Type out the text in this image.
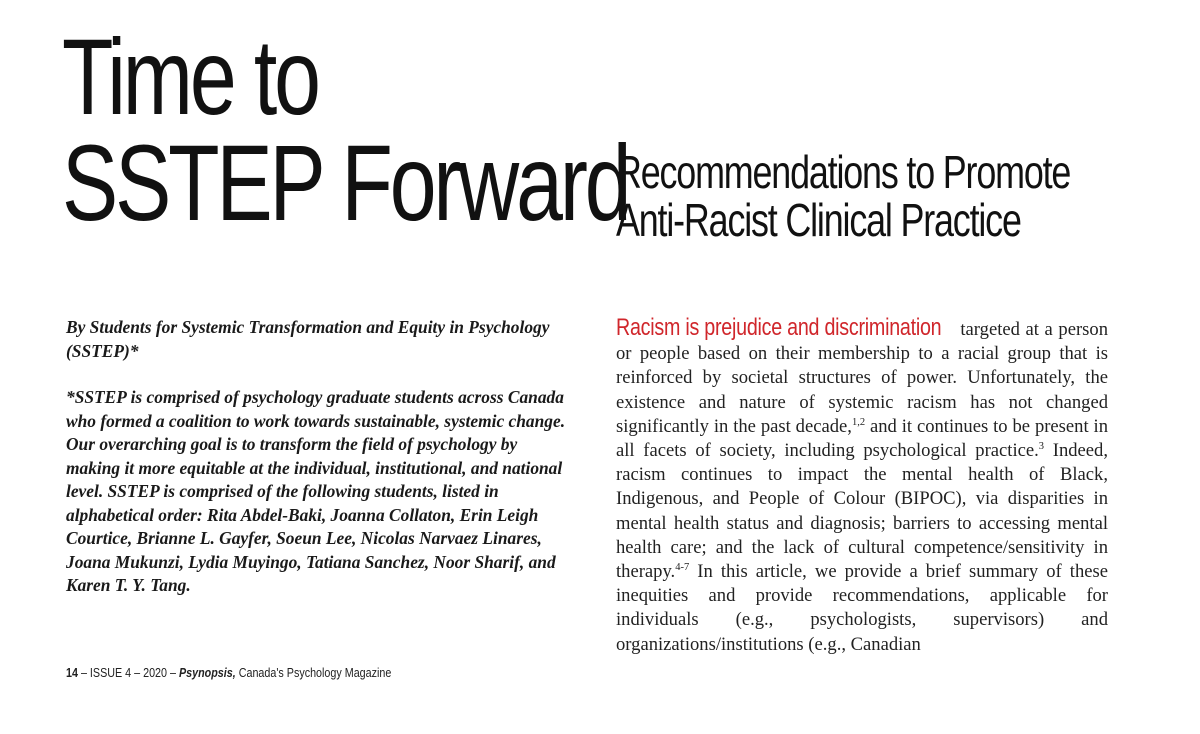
Time to
SSTEP Forward
Recommendations to Promote
Anti-Racist Clinical Practice

By Students for Systemic Transformation and Equity in Psychology (SSTEP)*

*SSTEP is comprised of psychology graduate students across Canada who formed a coalition to work towards sustainable, systemic change. Our overarching goal is to transform the field of psychology by making it more equitable at the individual, institutional, and national level. SSTEP is comprised of the following students, listed in alphabetical order: Rita Abdel-Baki, Joanna Collaton, Erin Leigh Courtice, Brianne L. Gayfer, Soeun Lee, Nicolas Narvaez Linares, Joana Mukunzi, Lydia Muyingo, Tatiana Sanchez, Noor Sharif, and Karen T. Y. Tang.

Racism is prejudice and discrimination targeted at a person or people based on their membership to a racial group that is reinforced by societal structures of power. Unfortunately, the existence and nature of systemic racism has not changed significantly in the past decade,$^{1,2}$ and it continues to be present in all facets of society, including psychological practice.$^3$ Indeed, racism continues to impact the mental health of Black, Indigenous, and People of Colour (BIPOC), via disparities in mental health status and diagnosis; barriers to accessing mental health care; and the lack of cultural competence/sensitivity in therapy.$^{4-7}$ In this article, we provide a brief summary of these inequities and provide recommendations, applicable for individuals (e.g., psychologists, supervisors) and organizations/institutions (e.g., Canadian

14 – ISSUE 4 – 2020 – Psynopsis, Canada's Psychology Magazine
